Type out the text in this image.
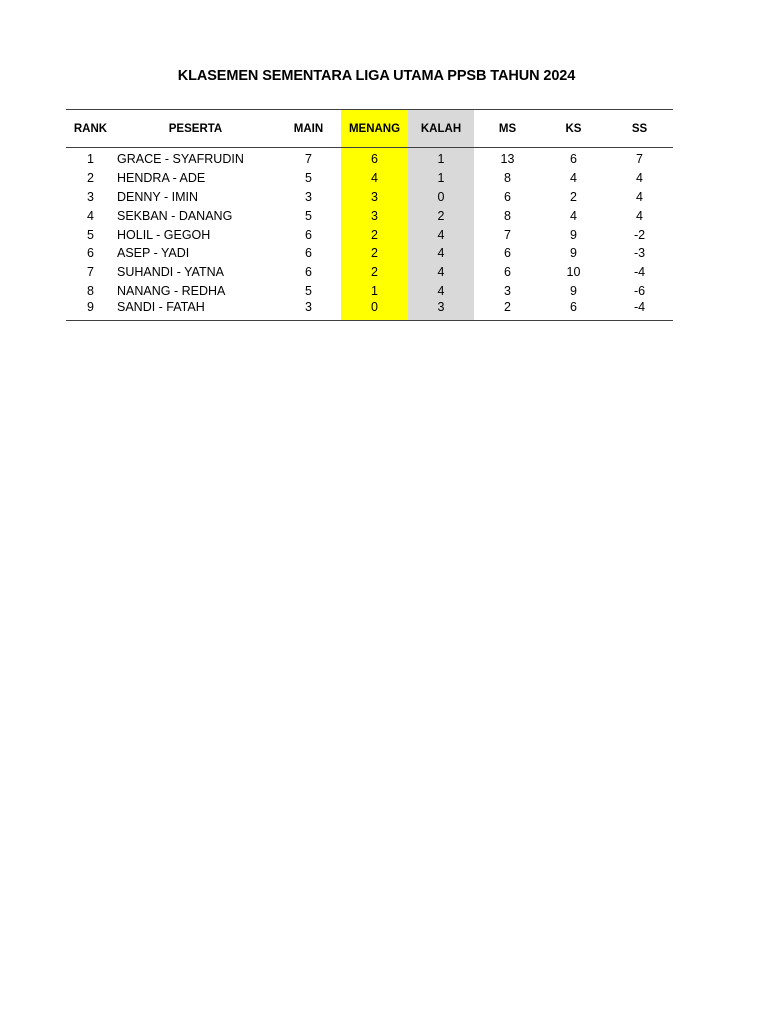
KLASEMEN SEMENTARA LIGA UTAMA PPSB TAHUN 2024
RANK	PESERTA	MAIN	MENANG	KALAH	MS	KS	SS
1	GRACE - SYAFRUDIN	7	6	1	13	6	7
2	HENDRA - ADE	5	4	1	8	4	4
3	DENNY - IMIN	3	3	0	6	2	4
4	SEKBAN - DANANG	5	3	2	8	4	4
5	HOLIL - GEGOH	6	2	4	7	9	-2
6	ASEP - YADI	6	2	4	6	9	-3
7	SUHANDI - YATNA	6	2	4	6	10	-4
8	NANANG - REDHA	5	1	4	3	9	-6
9	SANDI - FATAH	3	0	3	2	6	-4
